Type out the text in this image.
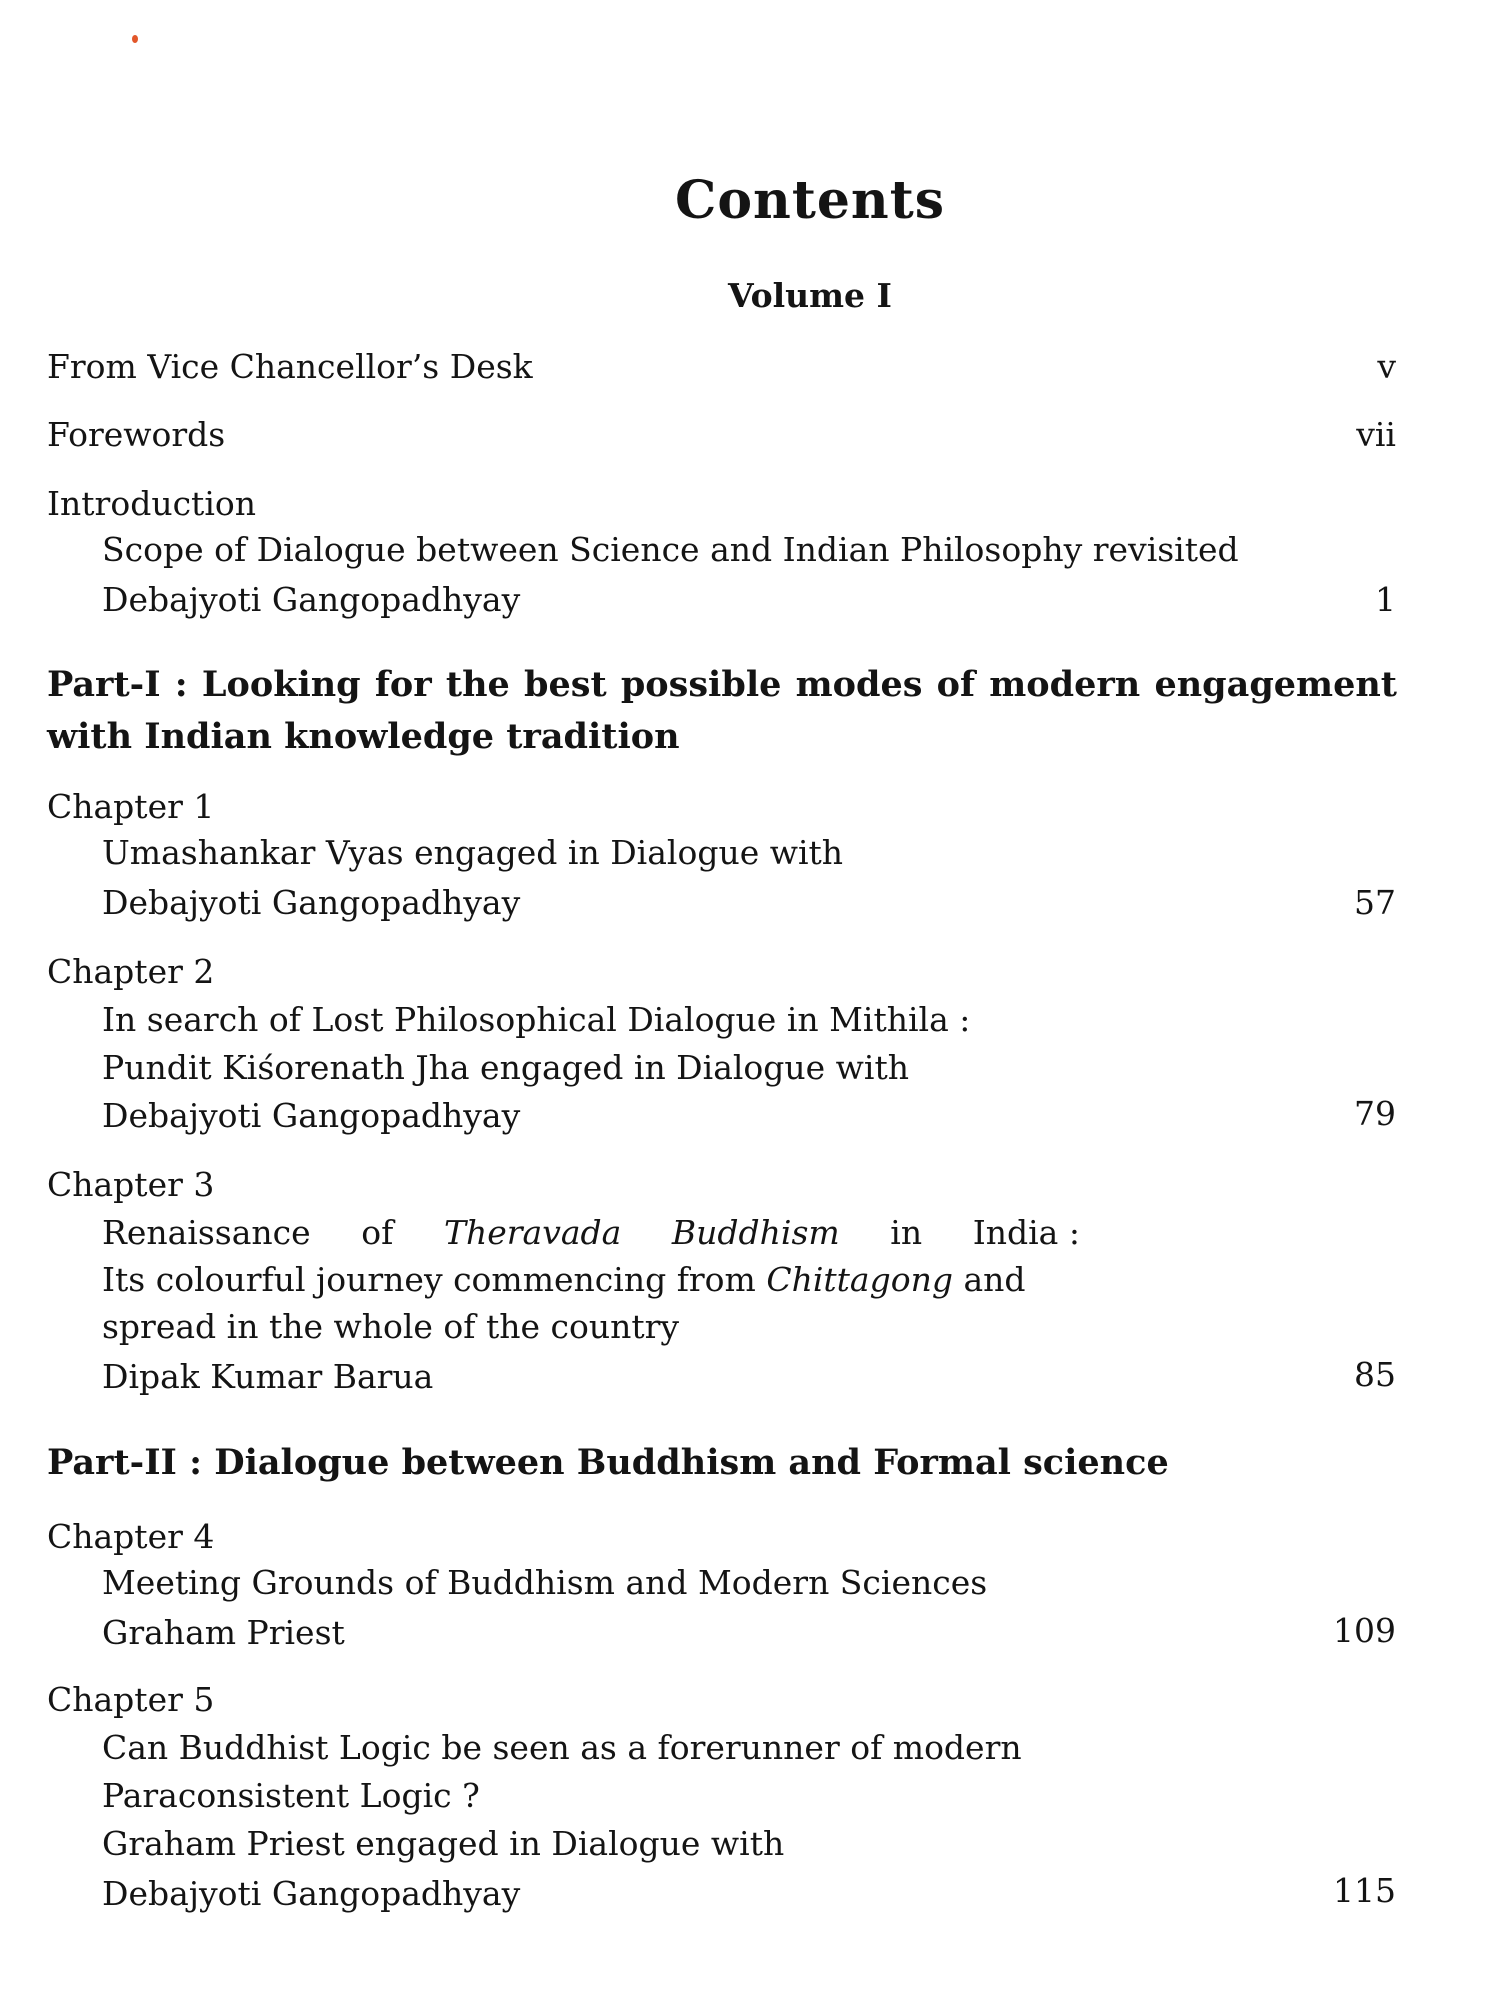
Contents
Volume I
From Vice Chancellor’s Desk	v
Forewords	vii
Introduction
Scope of Dialogue between Science and Indian Philosophy revisited
Debajyoti Gangopadhyay	1
Part-I : Looking for the best possible modes of modern engagement
with Indian knowledge tradition
Chapter 1
Umashankar Vyas engaged in Dialogue with
Debajyoti Gangopadhyay	57
Chapter 2
In search of Lost Philosophical Dialogue in Mithila :
Pundit Kiśorenath Jha engaged in Dialogue with
Debajyoti Gangopadhyay	79
Chapter 3
Renaissance of Theravada Buddhism in India :
Its colourful journey commencing from Chittagong and
spread in the whole of the country
Dipak Kumar Barua	85
Part-II : Dialogue between Buddhism and Formal science
Chapter 4
Meeting Grounds of Buddhism and Modern Sciences
Graham Priest	109
Chapter 5
Can Buddhist Logic be seen as a forerunner of modern
Paraconsistent Logic ?
Graham Priest engaged in Dialogue with
Debajyoti Gangopadhyay	115
